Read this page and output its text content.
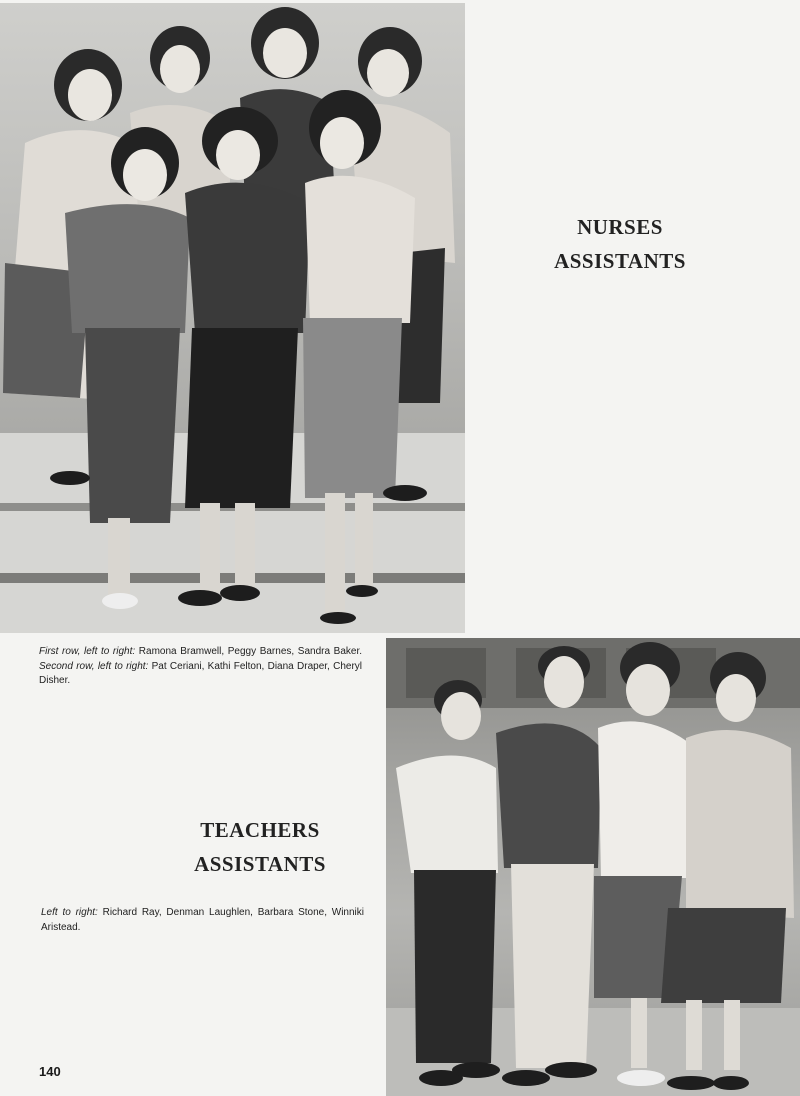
NURSES
ASSISTANTS

First row, left to right: Ramona Bramwell, Peggy Barnes, Sandra Baker. Second row, left to right: Pat Ceriani, Kathi Felton, Diana Draper, Cheryl Disher.

TEACHERS
ASSISTANTS

Left to right: Richard Ray, Denman Laughlen, Barbara Stone, Winniki Aristead.

140
